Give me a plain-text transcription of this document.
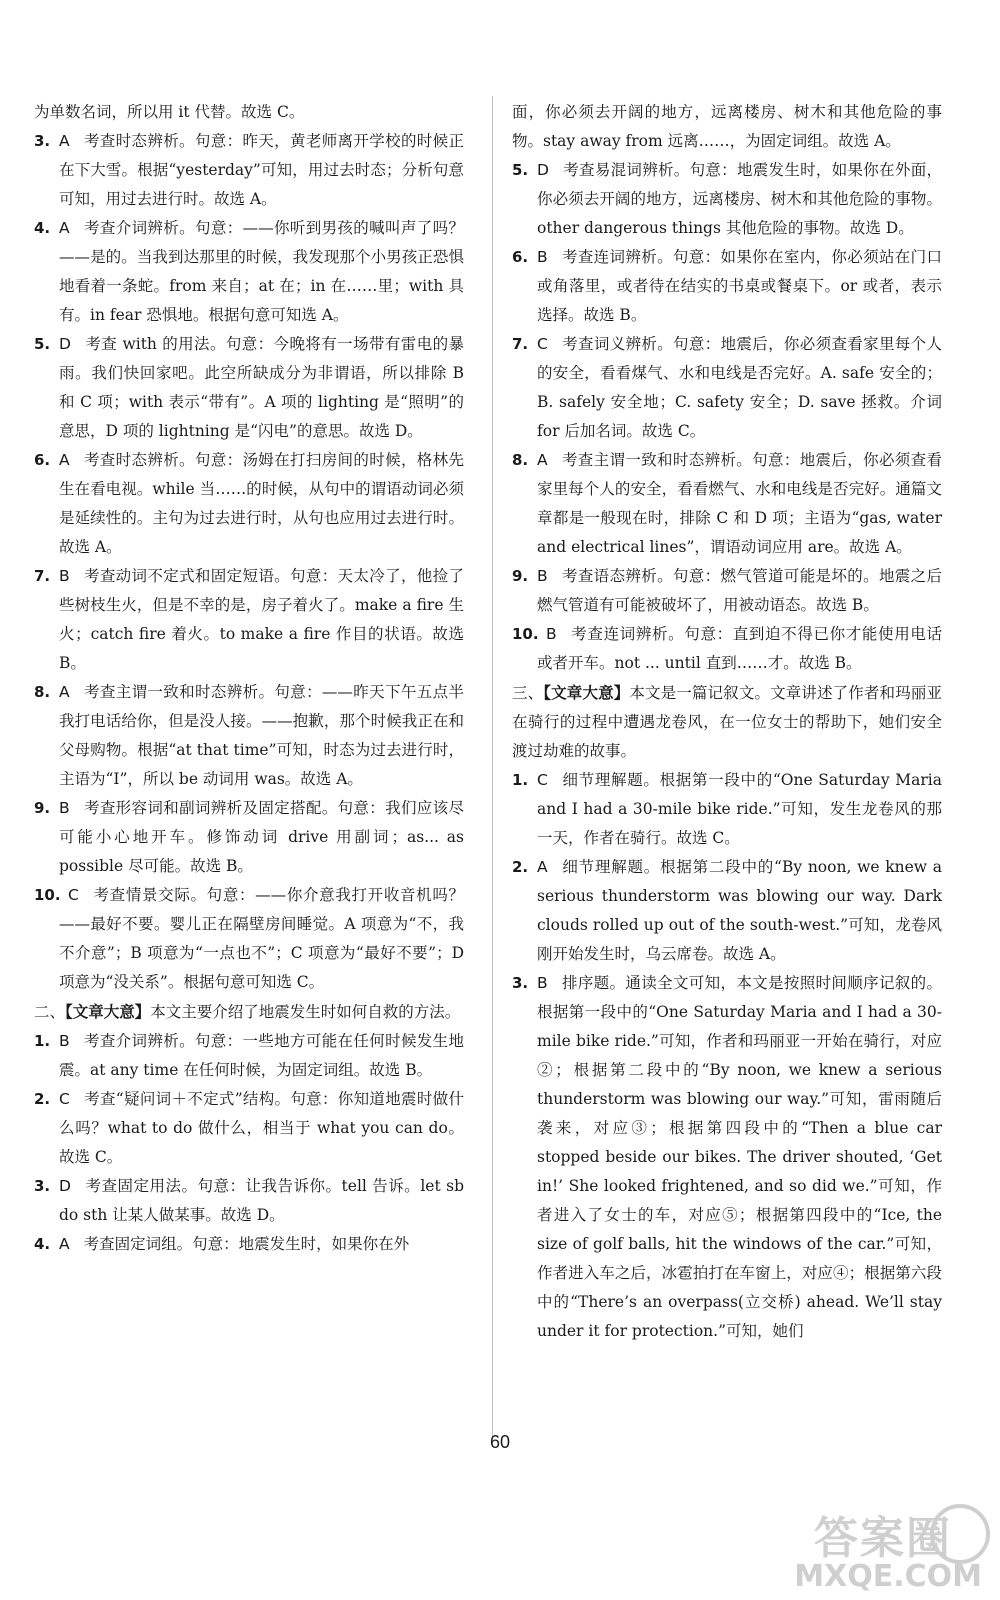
为单数名词，所以用 it 代替。故选 C。

3. A 考查时态辨析。句意：昨天，黄老师离开学校的时候正在下大雪。根据“yesterday”可知，用过去时态；分析句意可知，用过去进行时。故选 A。

4. A 考查介词辨析。句意：——你听到男孩的喊叫声了吗？——是的。当我到达那里的时候，我发现那个小男孩正恐惧地看着一条蛇。from 来自；at 在；in 在……里；with 具有。in fear 恐惧地。根据句意可知选 A。

5. D 考查 with 的用法。句意：今晚将有一场带有雷电的暴雨。我们快回家吧。此空所缺成分为非谓语，所以排除 B 和 C 项；with 表示“带有”。A 项的 lighting 是“照明”的意思，D 项的 lightning 是“闪电”的意思。故选 D。

6. A 考查时态辨析。句意：汤姆在打扫房间的时候，格林先生在看电视。while 当……的时候，从句中的谓语动词必须是延续性的。主句为过去进行时，从句也应用过去进行时。故选 A。

7. B 考查动词不定式和固定短语。句意：天太冷了，他捡了些树枝生火，但是不幸的是，房子着火了。make a fire 生火；catch fire 着火。to make a fire 作目的状语。故选 B。

8. A 考查主谓一致和时态辨析。句意：——昨天下午五点半我打电话给你，但是没人接。——抱歉，那个时候我正在和父母购物。根据“at that time”可知，时态为过去进行时，主语为“I”，所以 be 动词用 was。故选 A。

9. B 考查形容词和副词辨析及固定搭配。句意：我们应该尽可能小心地开车。修饰动词 drive 用副词；as... as possible 尽可能。故选 B。

10. C 考查情景交际。句意：——你介意我打开收音机吗？——最好不要。婴儿正在隔壁房间睡觉。A 项意为“不，我不介意”；B 项意为“一点也不”；C 项意为“最好不要”；D 项意为“没关系”。根据句意可知选 C。

二、【文章大意】本文主要介绍了地震发生时如何自救的方法。

1. B 考查介词辨析。句意：一些地方可能在任何时候发生地震。at any time 在任何时候，为固定词组。故选 B。

2. C 考查“疑问词＋不定式”结构。句意：你知道地震时做什么吗？what to do 做什么，相当于 what you can do。故选 C。

3. D 考查固定用法。句意：让我告诉你。tell 告诉。let sb do sth 让某人做某事。故选 D。

4. A 考查固定词组。句意：地震发生时，如果你在外

面，你必须去开阔的地方，远离楼房、树木和其他危险的事物。stay away from 远离……，为固定词组。故选 A。

5. D 考查易混词辨析。句意：地震发生时，如果你在外面，你必须去开阔的地方，远离楼房、树木和其他危险的事物。other dangerous things 其他危险的事物。故选 D。

6. B 考查连词辨析。句意：如果你在室内，你必须站在门口或角落里，或者待在结实的书桌或餐桌下。or 或者，表示选择。故选 B。

7. C 考查词义辨析。句意：地震后，你必须查看家里每个人的安全，看看煤气、水和电线是否完好。A. safe 安全的；B. safely 安全地；C. safety 安全；D. save 拯救。介词 for 后加名词。故选 C。

8. A 考查主谓一致和时态辨析。句意：地震后，你必须查看家里每个人的安全，看看燃气、水和电线是否完好。通篇文章都是一般现在时，排除 C 和 D 项；主语为“gas, water and electrical lines”，谓语动词应用 are。故选 A。

9. B 考查语态辨析。句意：燃气管道可能是坏的。地震之后燃气管道有可能被破坏了，用被动语态。故选 B。

10. B 考查连词辨析。句意：直到迫不得已你才能使用电话或者开车。not ... until 直到……才。故选 B。

三、【文章大意】本文是一篇记叙文。文章讲述了作者和玛丽亚在骑行的过程中遭遇龙卷风，在一位女士的帮助下，她们安全渡过劫难的故事。

1. C 细节理解题。根据第一段中的“One Saturday Maria and I had a 30-mile bike ride.”可知，发生龙卷风的那一天，作者在骑行。故选 C。

2. A 细节理解题。根据第二段中的“By noon, we knew a serious thunderstorm was blowing our way. Dark clouds rolled up out of the south-west.”可知，龙卷风刚开始发生时，乌云席卷。故选 A。

3. B 排序题。通读全文可知，本文是按照时间顺序记叙的。根据第一段中的“One Saturday Maria and I had a 30-mile bike ride.”可知，作者和玛丽亚一开始在骑行，对应②；根据第二段中的“By noon, we knew a serious thunderstorm was blowing our way.”可知，雷雨随后袭来，对应③；根据第四段中的“Then a blue car stopped beside our bikes. The driver shouted, ‘Get in!’ She looked frightened, and so did we.”可知，作者进入了女士的车，对应⑤；根据第四段中的“Ice, the size of golf balls, hit the windows of the car.”可知，作者进入车之后，冰雹拍打在车窗上，对应④；根据第六段中的“There’s an overpass(立交桥) ahead. We’ll stay under it for protection.”可知，她们

60
答案圈
MXQE.COM
